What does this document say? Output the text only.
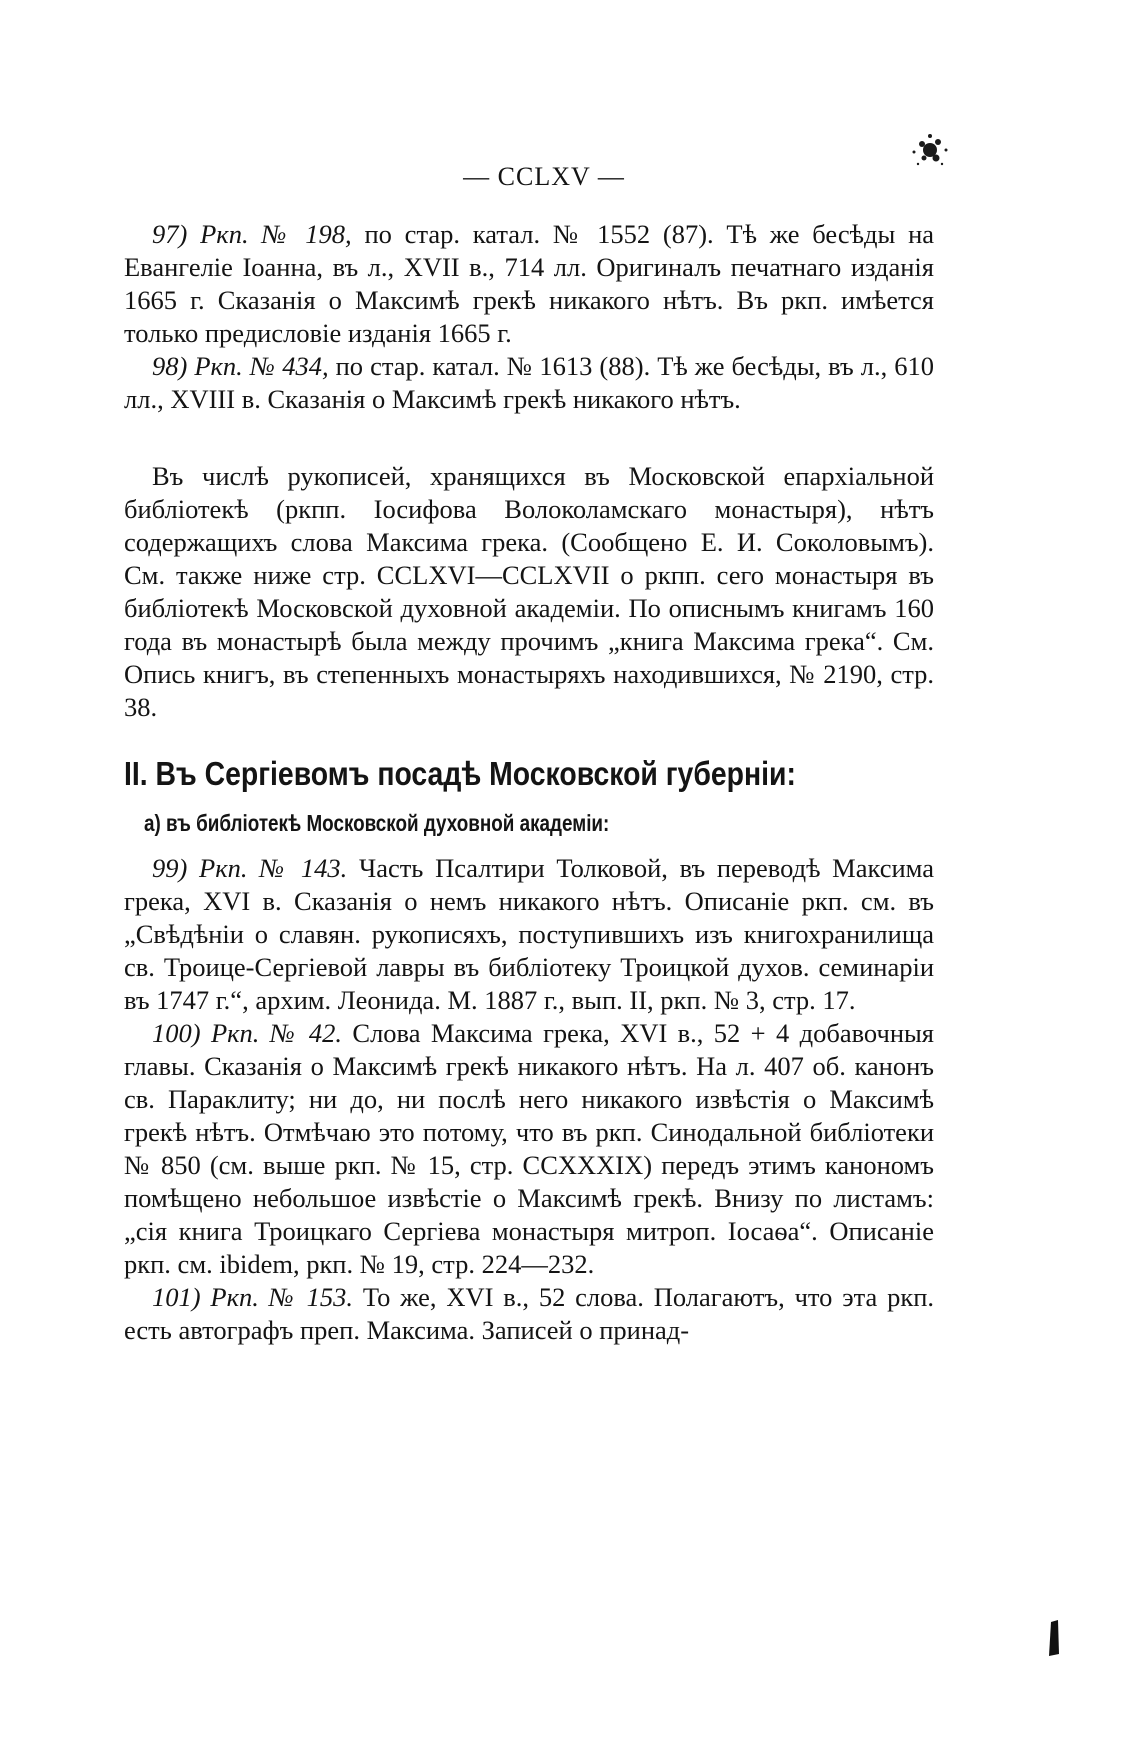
— CCLXV —

97) Ркп. № 198, по стар. катал. № 1552 (87). Тѣ же бесѣды на Евангеліе Іоанна, въ л., XVII в., 714 лл. Оригиналъ печатнаго изданія 1665 г. Сказанія о Максимѣ грекѣ никакого нѣтъ. Въ ркп. имѣется только предисловіе изданія 1665 г.

98) Ркп. № 434, по стар. катал. № 1613 (88). Тѣ же бесѣды, въ л., 610 лл., XVIII в. Сказанія о Максимѣ грекѣ никакого нѣтъ.

Въ числѣ рукописей, хранящихся въ Московской епархіальной библіотекѣ (ркпп. Іосифова Волоколамскаго монастыря), нѣтъ содержащихъ слова Максима грека. (Сообщено Е. И. Соколовымъ). См. также ниже стр. CCLXVI—CCLXVII о ркпп. сего монастыря въ библіотекѣ Московской духовной академіи. По описнымъ книгамъ 160 года въ монастырѣ была между прочимъ „книга Максима грека“. См. Опись книгъ, въ степенныхъ монастыряхъ находившихся, № 2190, стр. 38.

II. Въ Сергіевомъ посадѣ Московской губерніи:
а) въ библіотекѣ Московской духовной академіи:

99) Ркп. № 143. Часть Псалтири Толковой, въ переводѣ Максима грека, XVI в. Сказанія о немъ никакого нѣтъ. Описаніе ркп. см. въ „Свѣдѣніи о славян. рукописяхъ, поступившихъ изъ книгохранилища св. Троице-Сергіевой лавры въ библіотеку Троицкой духов. семинаріи въ 1747 г.“, архим. Леонида. М. 1887 г., вып. II, ркп. № 3, стр. 17.

100) Ркп. № 42. Слова Максима грека, XVI в., 52 + 4 добавочныя главы. Сказанія о Максимѣ грекѣ никакого нѣтъ. На л. 407 об. канонъ св. Параклиту; ни до, ни послѣ него никакого извѣстія о Максимѣ грекѣ нѣтъ. Отмѣчаю это потому, что въ ркп. Синодальной библіотеки № 850 (см. выше ркп. № 15, стр. CCXXXIX) передъ этимъ канономъ помѣщено небольшое извѣстіе о Максимѣ грекѣ. Внизу по листамъ: „сія книга Троицкаго Сергіева монастыря митроп. Іосаѳа“. Описаніе ркп. см. ibidem, ркп. № 19, стр. 224—232.

101) Ркп. № 153. То же, XVI в., 52 слова. Полагаютъ, что эта ркп. есть автографъ преп. Максима. Записей о принад-
